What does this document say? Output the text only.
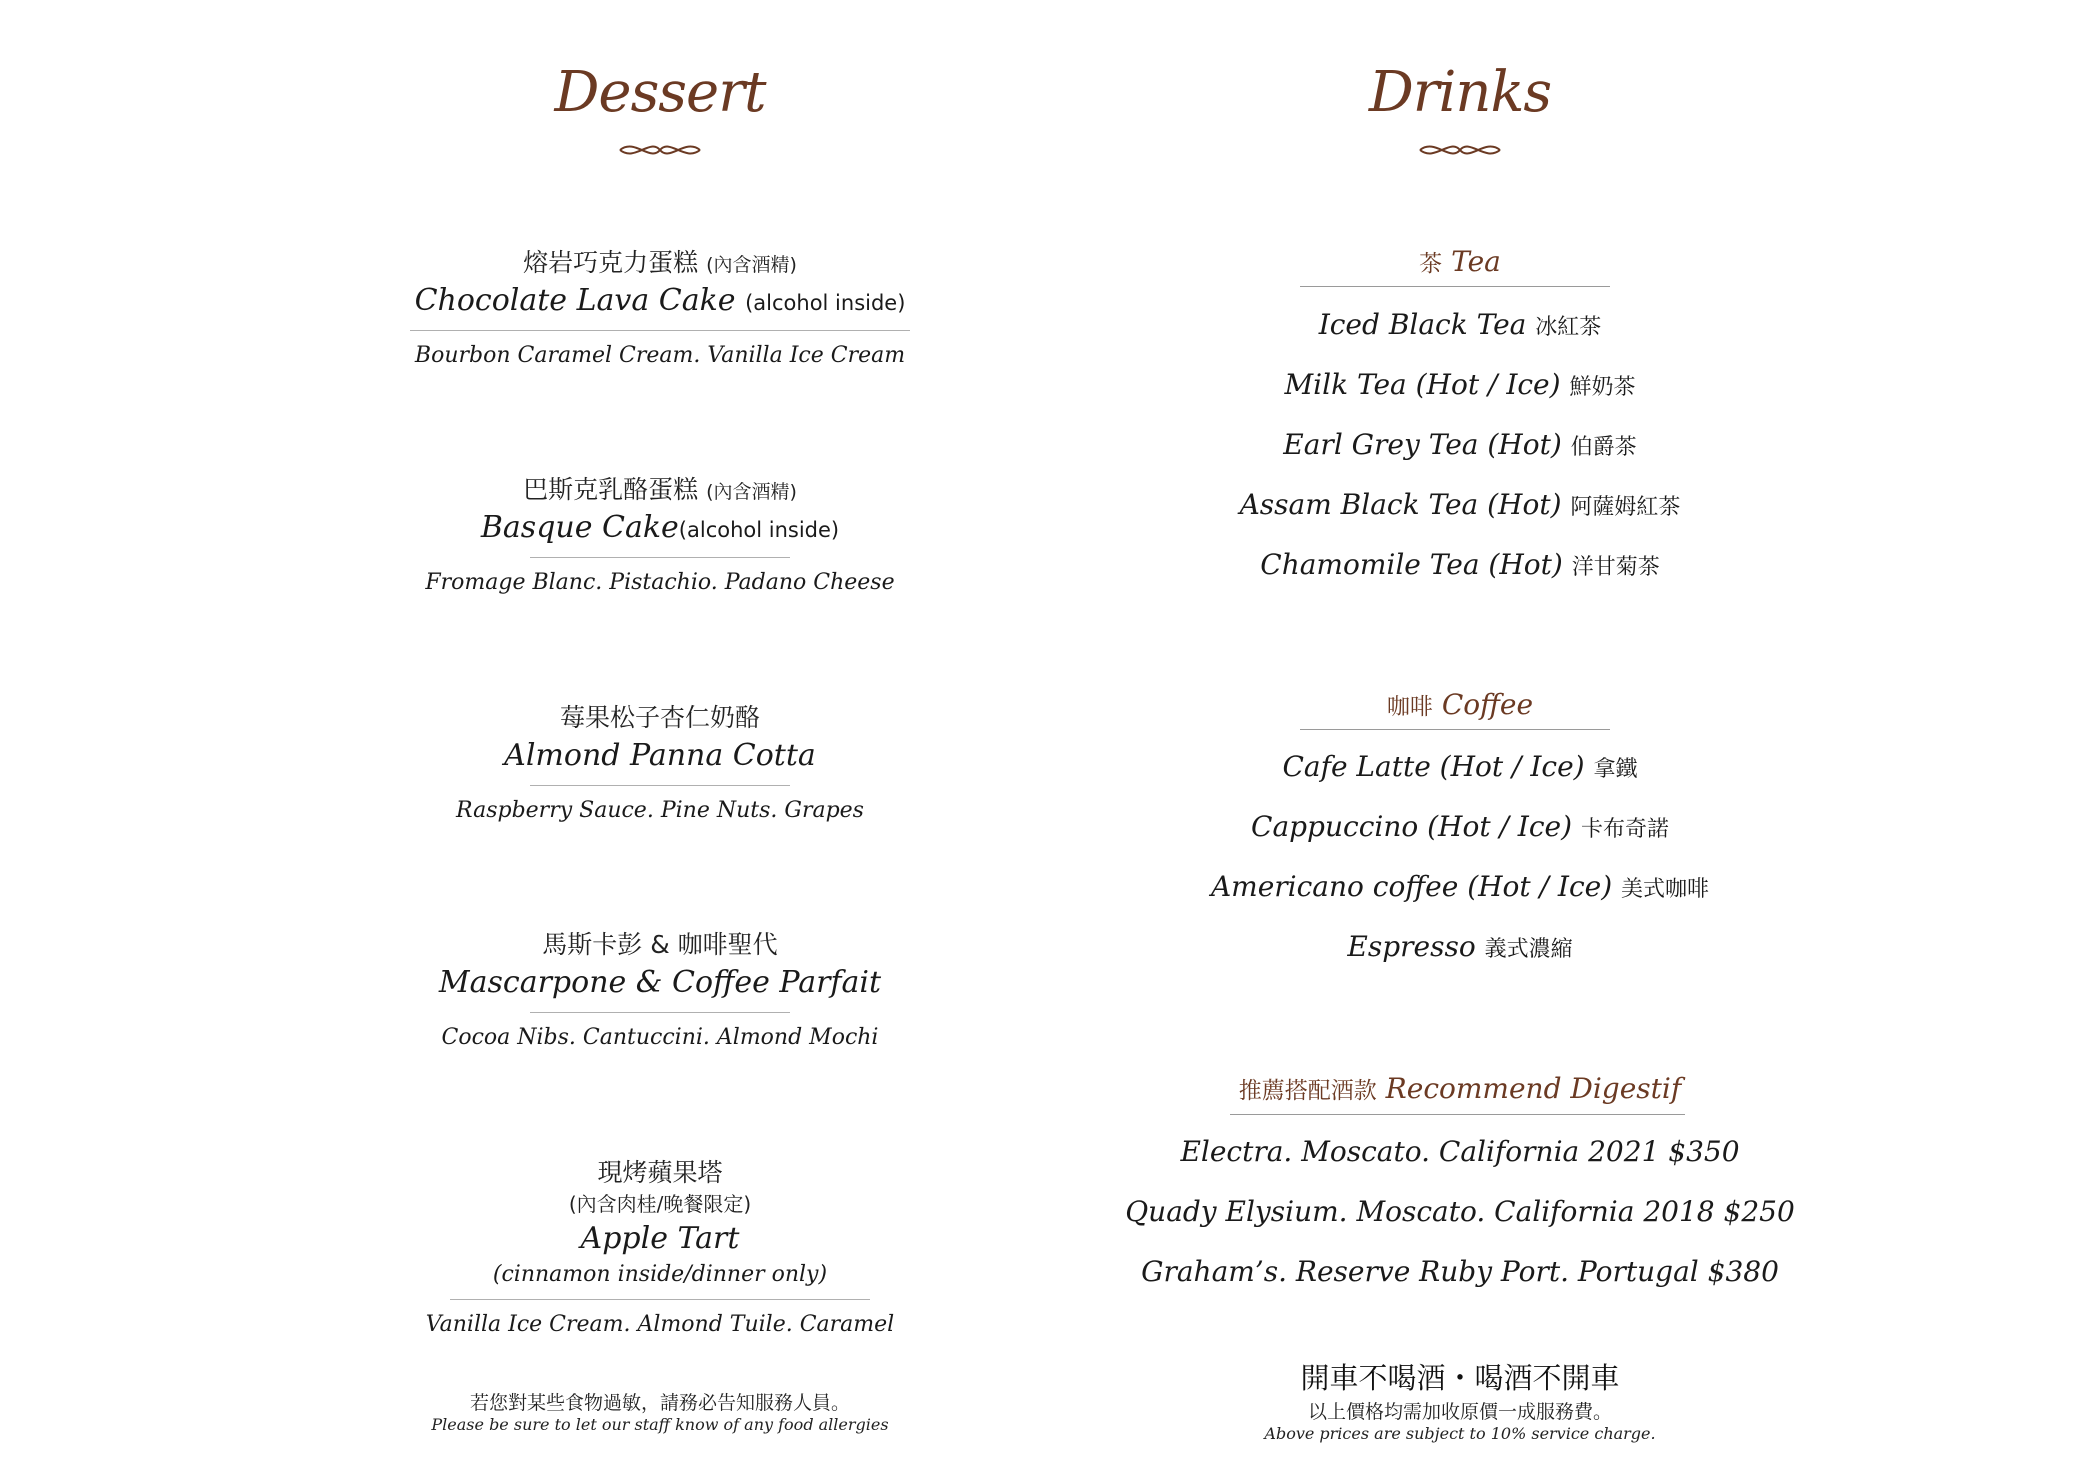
Dessert
熔岩巧克力蛋糕 (內含酒精)
Chocolate Lava Cake (alcohol inside)
Bourbon Caramel Cream. Vanilla Ice Cream
巴斯克乳酪蛋糕 (內含酒精)
Basque Cake(alcohol inside)
Fromage Blanc. Pistachio. Padano Cheese
莓果松子杏仁奶酪
Almond Panna Cotta
Raspberry Sauce. Pine Nuts. Grapes
馬斯卡彭 & 咖啡聖代
Mascarpone & Coffee Parfait
Cocoa Nibs. Cantuccini. Almond Mochi
現烤蘋果塔
(內含肉桂/晚餐限定)
Apple Tart
(cinnamon inside/dinner only)
Vanilla Ice Cream. Almond Tuile. Caramel
若您對某些食物過敏，請務必告知服務人員。
Please be sure to let our staff know of any food allergies
Drinks
茶 Tea
Iced Black Tea 冰紅茶
Milk Tea (Hot / Ice) 鮮奶茶
Earl Grey Tea (Hot) 伯爵茶
Assam Black Tea (Hot) 阿薩姆紅茶
Chamomile Tea (Hot) 洋甘菊茶
咖啡 Coffee
Cafe Latte (Hot / Ice) 拿鐵
Cappuccino (Hot / Ice) 卡布奇諾
Americano coffee (Hot / Ice) 美式咖啡
Espresso 義式濃縮
推薦搭配酒款 Recommend Digestif
Electra. Moscato. California 2021 $350
Quady Elysium. Moscato. California 2018 $250
Graham’s. Reserve Ruby Port. Portugal $380
開車不喝酒・喝酒不開車
以上價格均需加收原價一成服務費。
Above prices are subject to 10% service charge.
